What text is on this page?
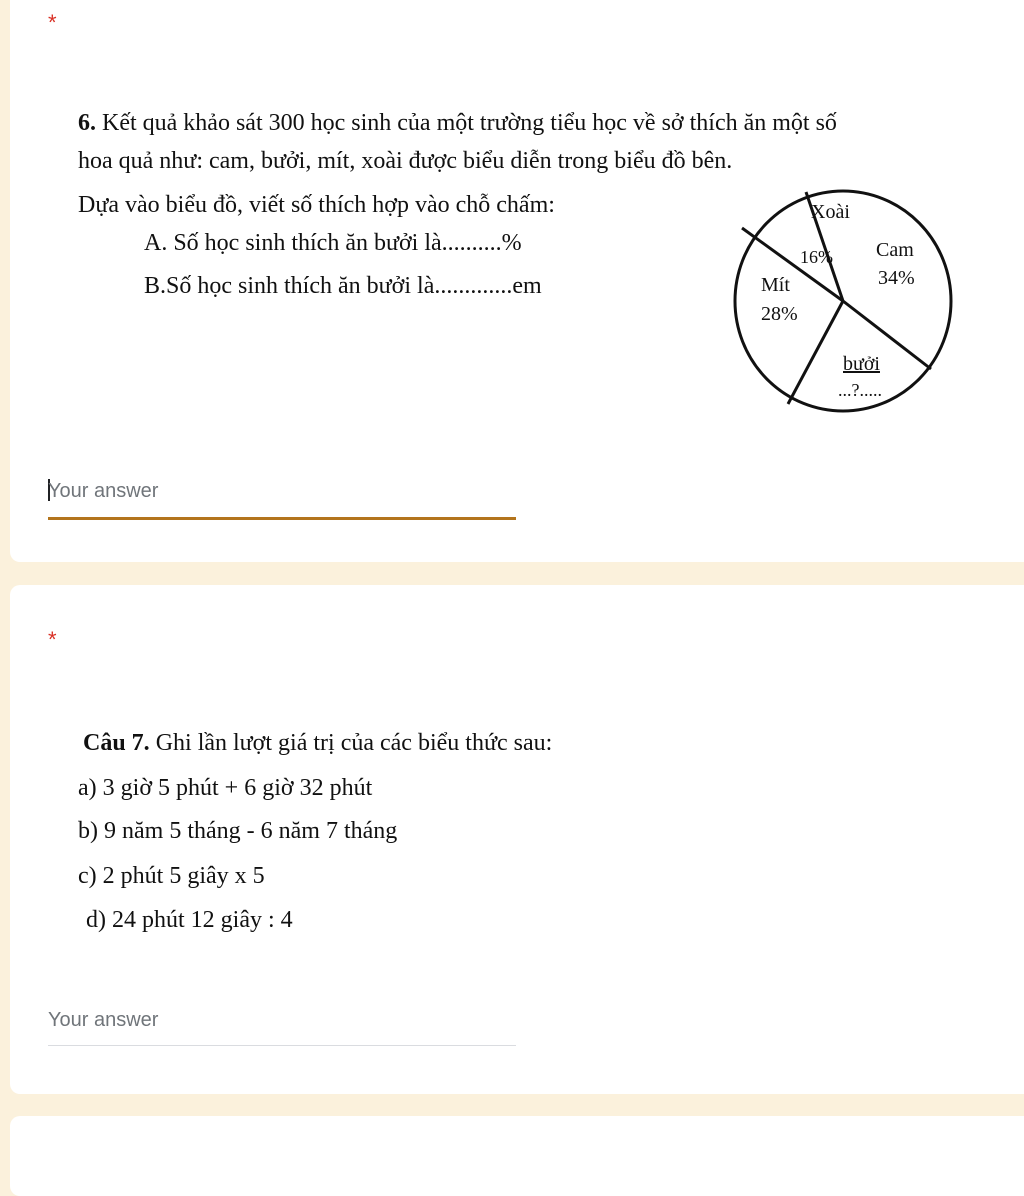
*
6. Kết quả khảo sát 300 học sinh của một trường tiểu học về sở thích ăn một số
hoa quả như: cam, bưởi, mít, xoài được biểu diễn trong biểu đồ bên.
Dựa vào biểu đồ, viết số thích hợp vào chỗ chấm:
A. Số học sinh thích ăn bưởi là..........%
B.Số học sinh thích ăn bưởi là.............em
Xoài
16% Cam
34%
Mít
28%
bưởi
...?.....
Your answer
*
Câu 7. Ghi lần lượt giá trị của các biểu thức sau:
a) 3 giờ 5 phút + 6 giờ 32 phút
b) 9 năm 5 tháng - 6 năm 7 tháng
c) 2 phút 5 giây x 5
d) 24 phút 12 giây : 4
Your answer
